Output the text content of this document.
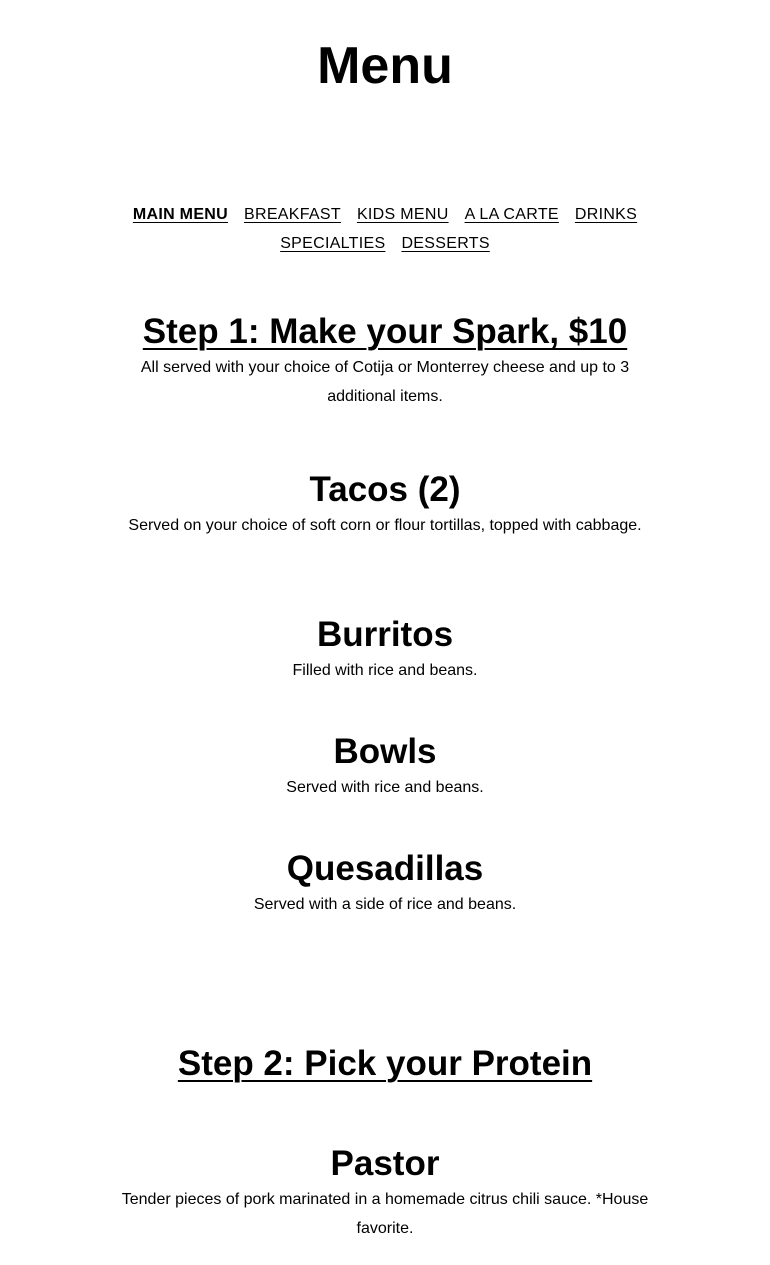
Menu
MAIN MENU BREAKFAST KIDS MENU A LA CARTE DRINKS
SPECIALTIES DESSERTS
Step 1: Make your Spark, $10

All served with your choice of Cotija or Monterrey cheese and up to 3 additional items.

Tacos (2)

Served on your choice of soft corn or flour tortillas, topped with cabbage.

Burritos

Filled with rice and beans.

Bowls

Served with rice and beans.

Quesadillas

Served with a side of rice and beans.

Step 2: Pick your Protein
Pastor

Tender pieces of pork marinated in a homemade citrus chili sauce. *House favorite.
